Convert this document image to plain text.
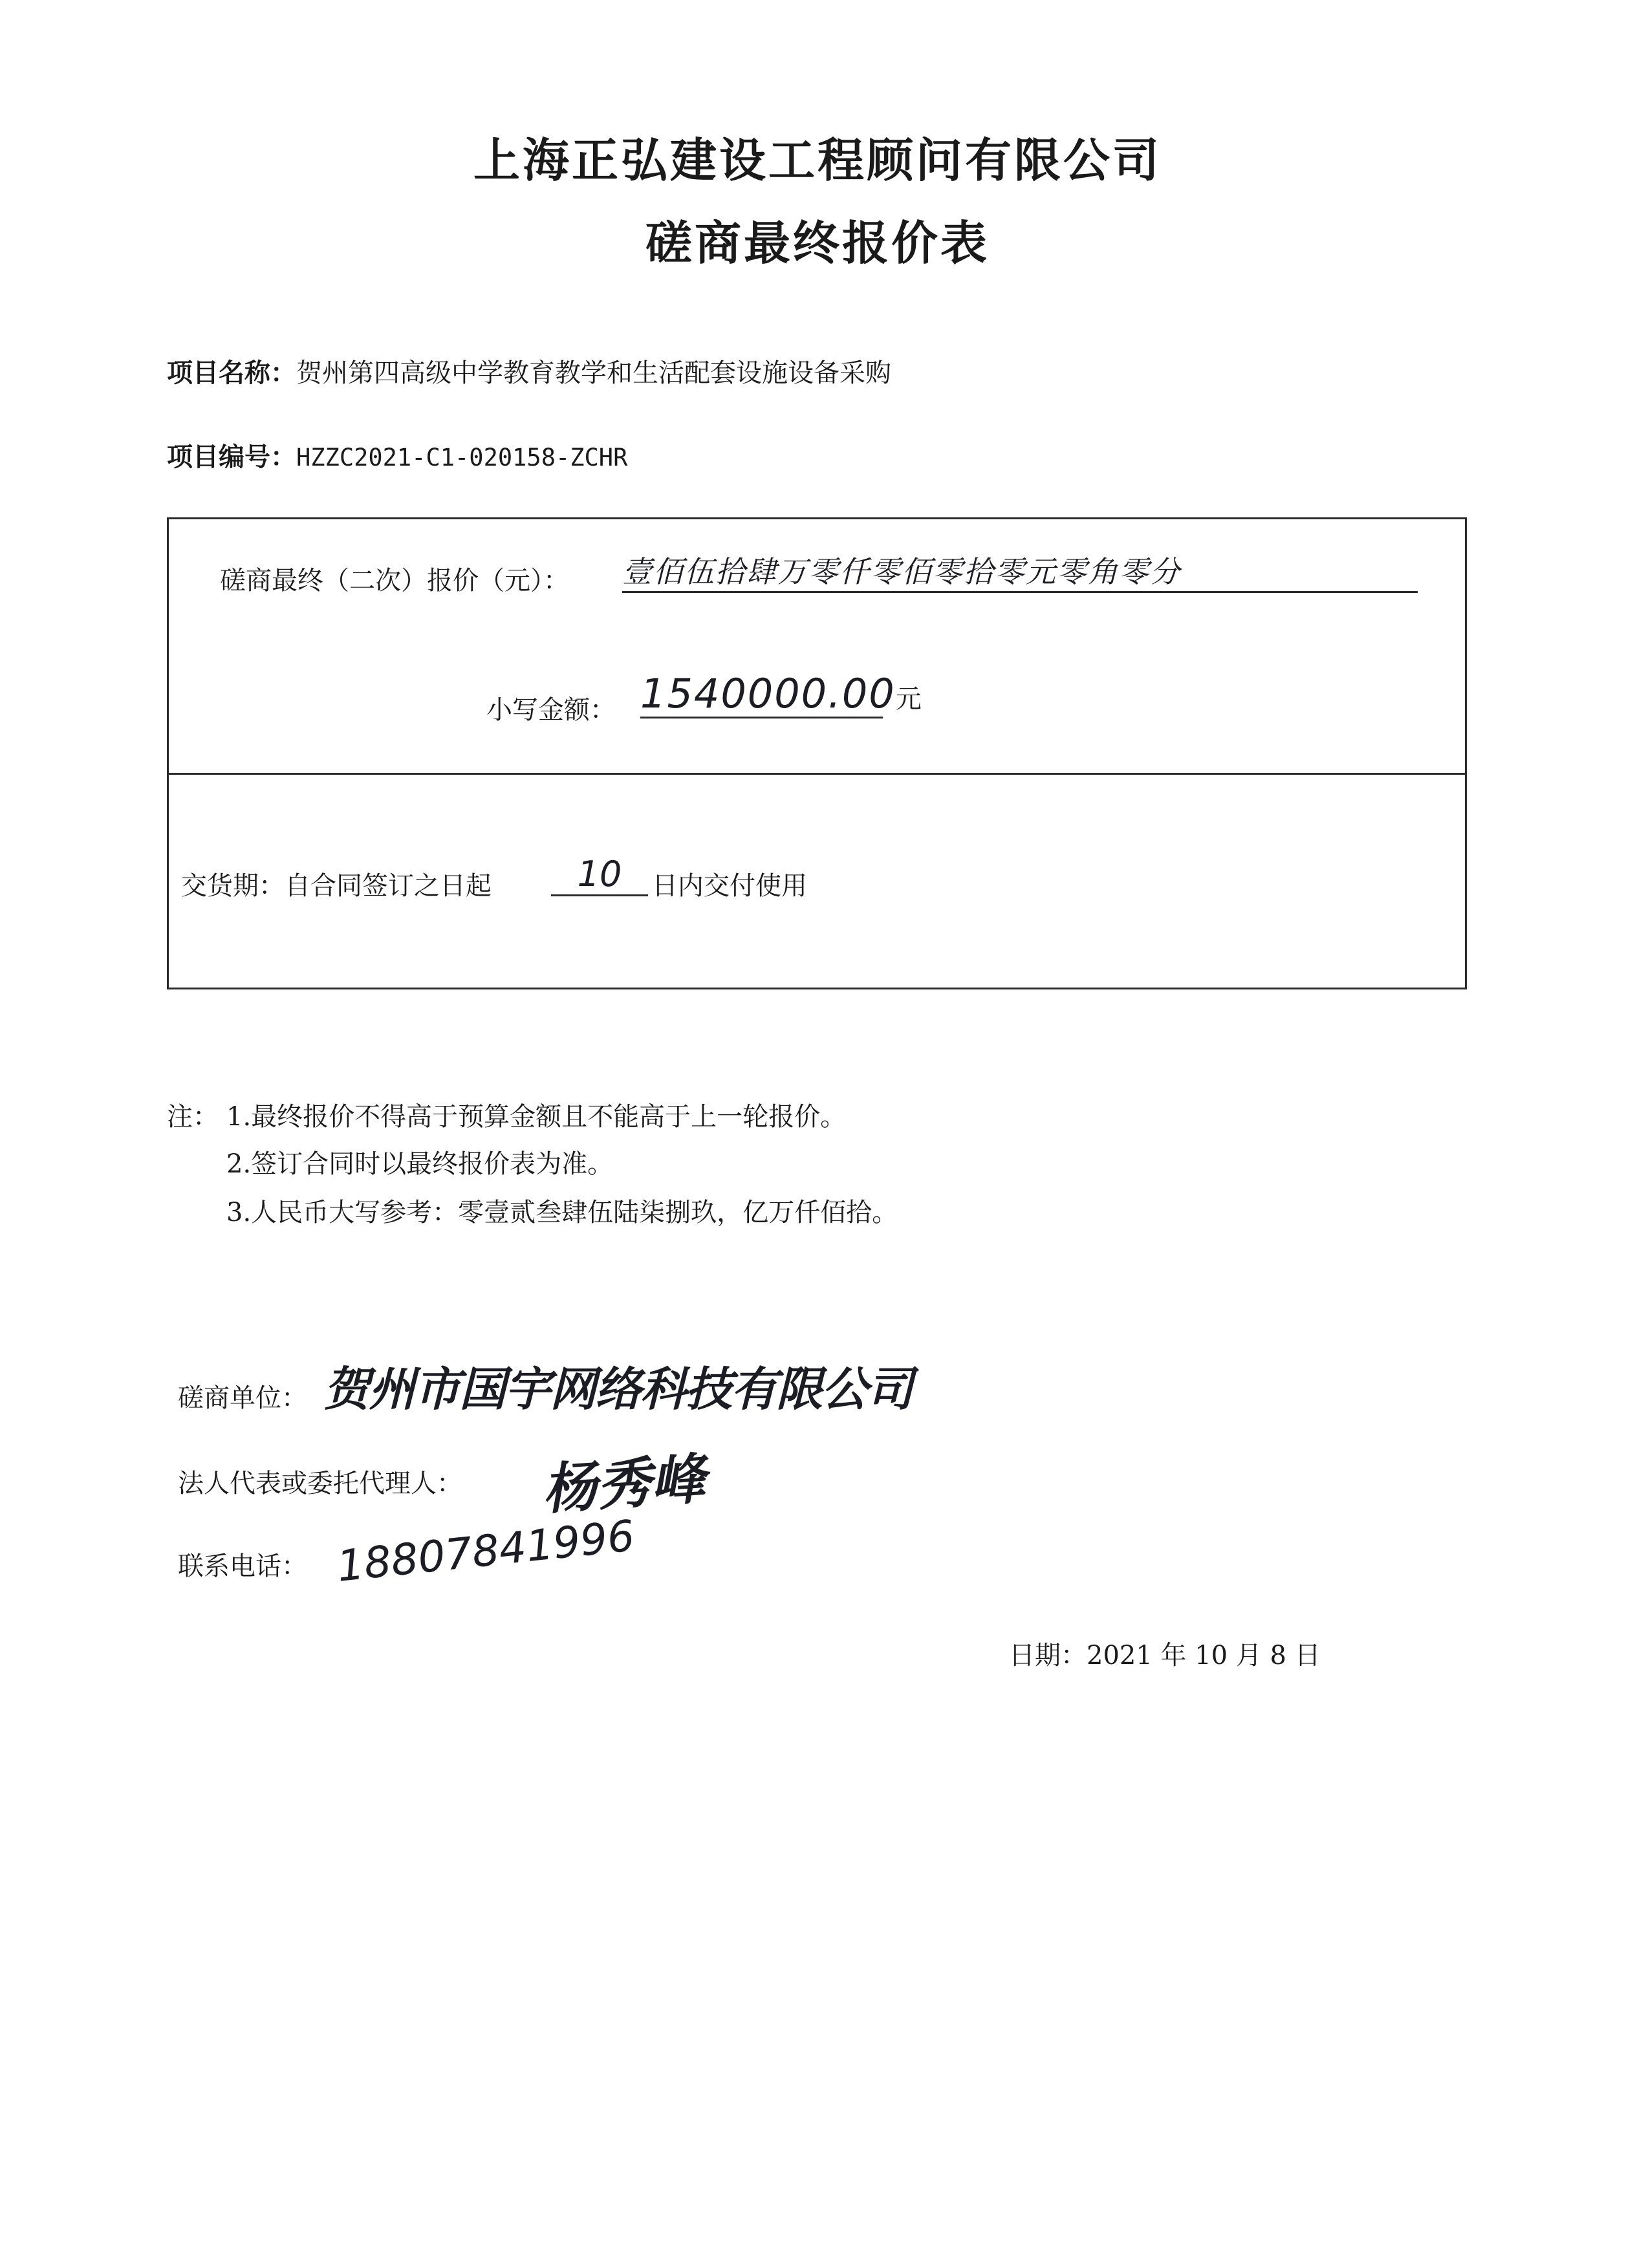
上海正弘建设工程顾问有限公司
磋商最终报价表
项目名称：贺州第四高级中学教育教学和生活配套设施设备采购
项目编号：HZZC2021-C1-020158-ZCHR
磋商最终（二次）报价（元）： 壹佰伍拾肆万零仟零佰零拾零元零角零分
小写金额： 1540000.00元
交货期：自合同签订之日起	10	日内交付使用
注： 1.最终报价不得高于预算金额且不能高于上一轮报价。
2.签订合同时以最终报价表为准。
3.人民币大写参考：零壹贰叁肆伍陆柒捌玖，亿万仟佰拾。
磋商单位： 贺州市国宇网络科技有限公司
法人代表或委托代理人： 杨秀峰
联系电话： 18807841996
日期：2021 年 10 月 8 日
